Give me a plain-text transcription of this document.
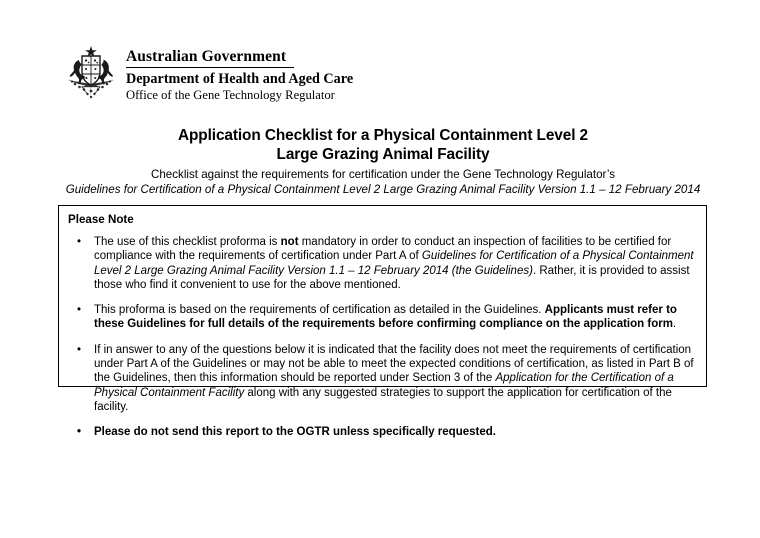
Australian Government
Department of Health and Aged Care
Office of the Gene Technology Regulator
Application Checklist for a Physical Containment Level 2
Large Grazing Animal Facility
Checklist against the requirements for certification under the Gene Technology Regulator’s
Guidelines for Certification of a Physical Containment Level 2 Large Grazing Animal Facility Version 1.1 – 12 February 2014
Please Note
• The use of this checklist proforma is not mandatory in order to conduct an inspection of facilities to be certified for compliance with the requirements of certification under Part A of Guidelines for Certification of a Physical Containment Level 2 Large Grazing Animal Facility Version 1.1 – 12 February 2014 (the Guidelines). Rather, it is provided to assist those who find it convenient to use for the above mentioned.
• This proforma is based on the requirements of certification as detailed in the Guidelines. Applicants must refer to these Guidelines for full details of the requirements before confirming compliance on the application form.
• If in answer to any of the questions below it is indicated that the facility does not meet the requirements of certification under Part A of the Guidelines or may not be able to meet the expected conditions of certification, as listed in Part B of the Guidelines, then this information should be reported under Section 3 of the Application for the Certification of a Physical Containment Facility along with any suggested strategies to support the application for certification of the facility.
• Please do not send this report to the OGTR unless specifically requested.
